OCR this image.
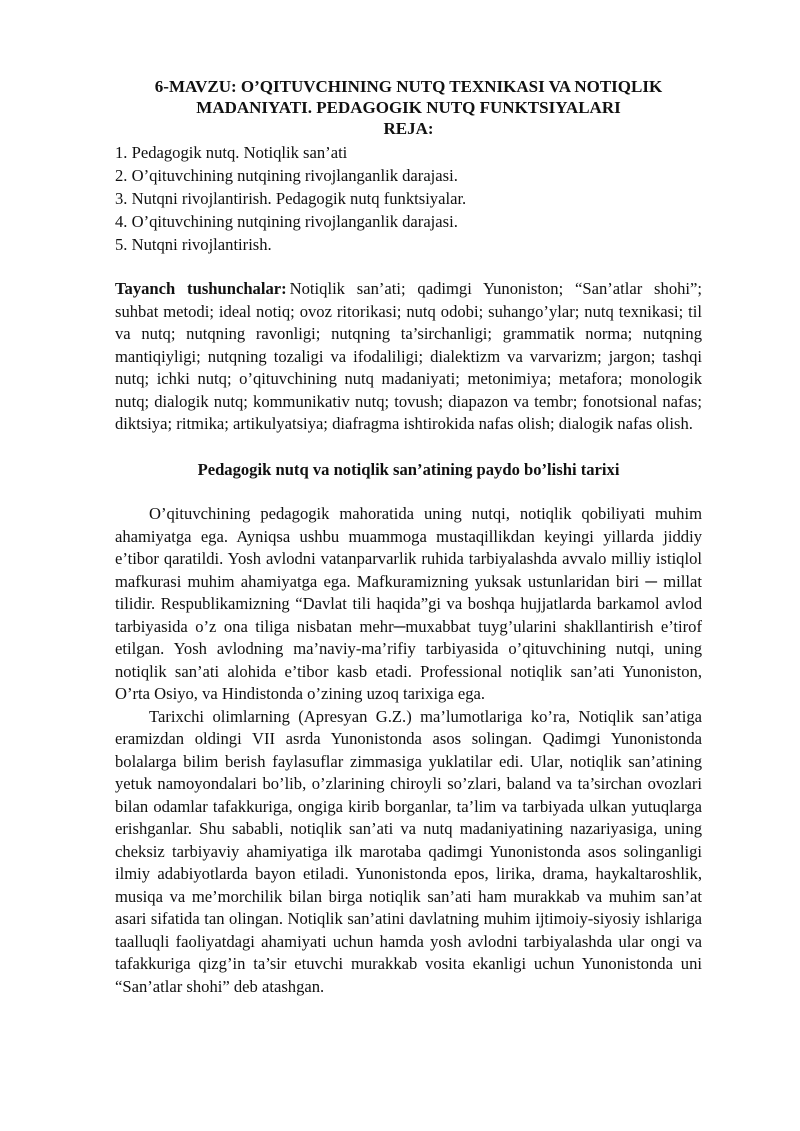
6-MAVZU: O’QITUVCHINING NUTQ TEXNIKASI VA NOTIQLIK
MADANIYATI. PEDAGOGIK NUTQ FUNKTSIYALARI

REJA:

1. Pedagogik nutq. Notiqlik san’ati
2. O’qituvchining nutqining rivojlanganlik darajasi.
3. Nutqni rivojlantirish. Pedagogik nutq funktsiyalar.
4. O’qituvchining nutqining rivojlanganlik darajasi.
5. Nutqni rivojlantirish.

Tayanch tushunchalar: Notiqlik san’ati; qadimgi Yunoniston; “San’atlar shohi”; suhbat metodi; ideal notiq; ovoz ritorikasi; nutq odobi; suhango’ylar; nutq texnikasi; til va nutq; nutqning ravonligi; nutqning ta’sirchanligi; grammatik norma; nutqning mantiqiyligi; nutqning tozaligi va ifodaliligi; dialektizm va varvarizm; jargon; tashqi nutq; ichki nutq; o’qituvchining nutq madaniyati; metonimiya; metafora; monologik nutq; dialogik nutq; kommunikativ nutq; tovush; diapazon va tembr; fonotsional nafas; diktsiya; ritmika; artikulyatsiya; diafragma ishtirokida nafas olish; dialogik nafas olish.

Pedagogik nutq va notiqlik san’atining paydo bo’lishi tarixi

O’qituvchining pedagogik mahoratida uning nutqi, notiqlik qobiliyati muhim ahamiyatga ega. Ayniqsa ushbu muammoga mustaqillikdan keyingi yillarda jiddiy e’tibor qaratildi. Yosh avlodni vatanparvarlik ruhida tarbiyalashda avvalo milliy istiqlol mafkurasi muhim ahamiyatga ega. Mafkuramizning yuksak ustunlaridan biri ─ millat tilidir. Respublikamizning “Davlat tili haqida”gi va boshqa hujjatlarda barkamol avlod tarbiyasida o’z ona tiliga nisbatan mehr─muxabbat tuyg’ularini shakllantirish e’tirof etilgan. Yosh avlodning ma’naviy-ma’rifiy tarbiyasida o’qituvchining nutqi, uning notiqlik san’ati alohida e’tibor kasb etadi. Professional notiqlik san’ati Yunoniston, O’rta Osiyo, va Hindistonda o’zining uzoq tarixiga ega.

Tarixchi olimlarning (Apresyan G.Z.) ma’lumotlariga ko’ra, Notiqlik san’atiga eramizdan oldingi VII asrda Yunonistonda asos solingan. Qadimgi Yunonistonda bolalarga bilim berish faylasuflar zimmasiga yuklatilar edi. Ular, notiqlik san’atining yetuk namoyondalari bo’lib, o’zlarining chiroyli so’zlari, baland va ta’sirchan ovozlari bilan odamlar tafakkuriga, ongiga kirib borganlar, ta’lim va tarbiyada ulkan yutuqlarga erishganlar. Shu sababli, notiqlik san’ati va nutq madaniyatining nazariyasiga, uning cheksiz tarbiyaviy ahamiyatiga ilk marotaba qadimgi Yunonistonda asos solinganligi ilmiy adabiyotlarda bayon etiladi. Yunonistonda epos, lirika, drama, haykaltaroshlik, musiqa va me’morchilik bilan birga notiqlik san’ati ham murakkab va muhim san’at asari sifatida tan olingan. Notiqlik san’atini davlatning muhim ijtimoiy-siyosiy ishlariga taalluqli faoliyatdagi ahamiyati uchun hamda yosh avlodni tarbiyalashda ular ongi va tafakkuriga qizg’in ta’sir etuvchi murakkab vosita ekanligi uchun Yunonistonda uni “San’atlar shohi” deb atashgan.
